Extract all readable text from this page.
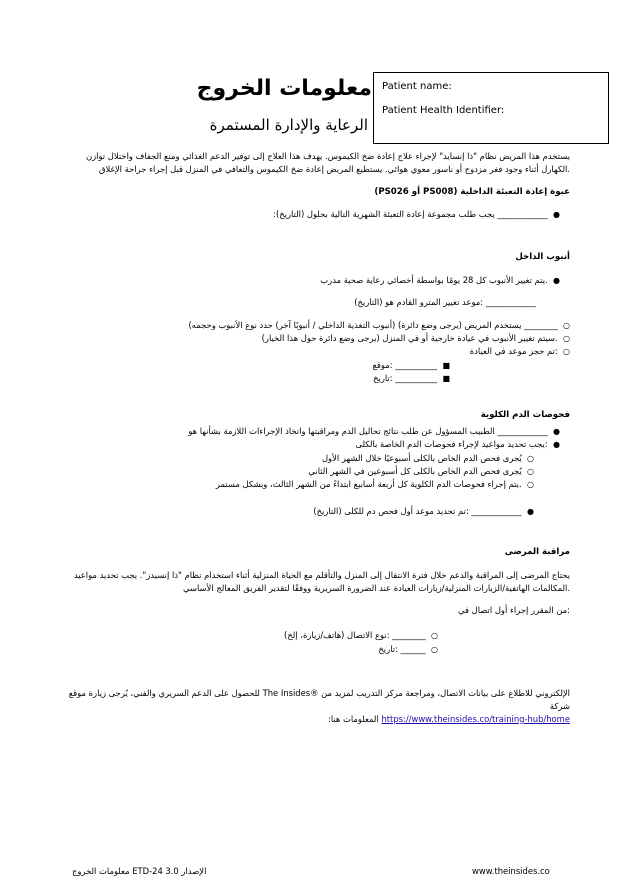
معلومات الخروج
الرعاية والإدارة المستمرة
Patient name:
Patient Health Identifier:
يستخدم هذا المريض نظام "ذا إنسايد" لإجراء علاج إعادة ضخ الكيموس. يهدف هذا العلاج إلى توفير الدعم الغذائي ومنع الجفاف واختلال توازن
.الكهارل أثناء وجود فغر مزدوج أو ناسور معوي هوائي. يستطيع المريض إعادة ضخ الكيموس والتعافي في المنزل قبل إجراء جراحة الإغلاق
(PS026 أو PS008) عبوة إعادة التعبئة الداخلية
●  ____________ يجب طلب مجموعة إعادة التعبئة الشهرية التالية بحلول (التاريخ):
أنبوب الداخل
●  .يتم تغيير الأنبوب كل 28 يومًا بواسطة أخصائي رعاية صحية مدرب
____________ :موعد تغيير المترو القادم هو (التاريخ)
○  ________ يستخدم المريض (يرجى وضع دائرة) (أنبوب التغذية الداخلي / أنبوبًا آخر) حدد نوع الأنبوب وحجمه)
○  .سيتم تغيير الأنبوب في عيادة خارجية أو في المنزل (يرجى وضع دائرة حول هذا الخيار)
○  :تم حجز موعد في العيادة
■  __________ :موقع
■  __________ :تاريخ
فحوصات الدم الكلوية
●  ____________ الطبيب المسؤول عن طلب نتائج تحاليل الدم ومراقبتها واتخاذ الإجراءات اللازمة بشأنها هو
●  :يجب تحديد مواعيد لإجراء فحوصات الدم الخاصة بالكلى
○  يُجرى فحص الدم الخاص بالكلى أسبوعيًا خلال الشهر الأول
○  يُجرى فحص الدم الخاص بالكلى كل أسبوعين في الشهر الثاني
○  .يتم إجراء فحوصات الدم الكلوية كل أربعة أسابيع ابتداءً من الشهر الثالث، وبشكل مستمر
●  ____________ :تم تحديد موعد أول فحص دم للكلى (التاريخ)
مراقبة المرضى
يحتاج المرضى إلى المراقبة والدعم خلال فترة الانتقال إلى المنزل والتأقلم مع الحياة المنزلية أثناء استخدام نظام "ذا إنسيدز". يجب تحديد مواعيد
.المكالمات الهاتفية/الزيارات المنزلية/زيارات العيادة عند الضرورة السريرية ووفقًا لتقدير الفريق المعالج الأساسي
:من المقرر إجراء أول اتصال في
○  ________ :نوع الاتصال (هاتف/زيارة، إلخ)
○  ______ :تاريخ
الإلكتروني للاطلاع على بيانات الاتصال، ومراجعة مركز التدريب لمزيد من ®The Insides للحصول على الدعم السريري والفني، يُرجى زيارة موقع شركة
https://www.theinsides.co/training-hub/home المعلومات هنا:
www.theinsides.co
الإصدار ETD-24 3.0 معلومات الخروج
